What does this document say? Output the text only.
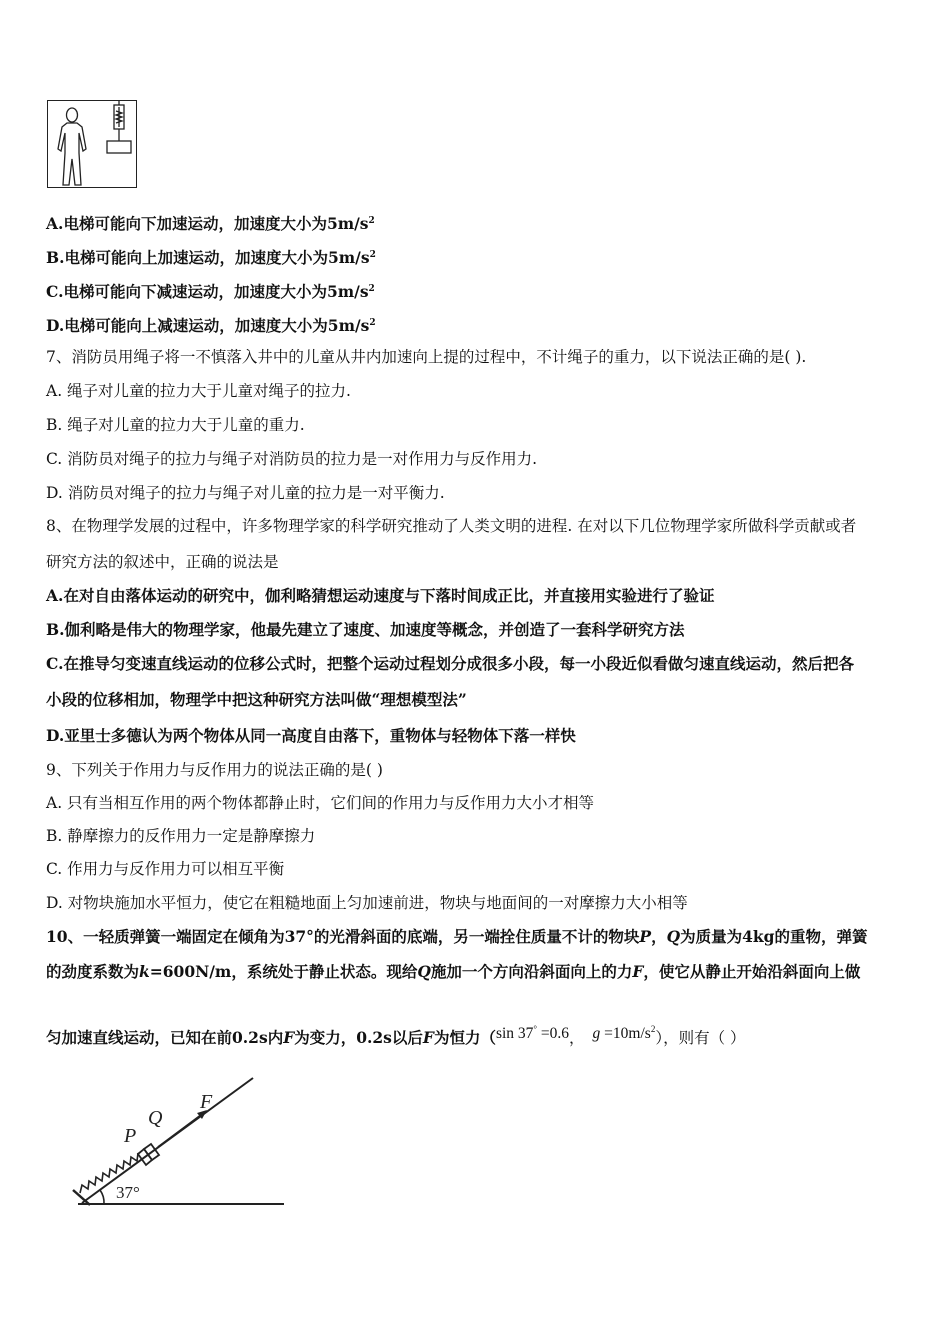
A.电梯可能向下加速运动，加速度大小为$5m/s^2$
B.电梯可能向上加速运动，加速度大小为$5m/s^2$
C.电梯可能向下减速运动，加速度大小为$5m/s^2$
D.电梯可能向上减速运动，加速度大小为$5m/s^2$
7、消防员用绳子将一不慎落入井中的儿童从井内加速向上提的过程中，不计绳子的重力，以下说法正确的是( ).
A. 绳子对儿童的拉力大于儿童对绳子的拉力.
B. 绳子对儿童的拉力大于儿童的重力.
C. 消防员对绳子的拉力与绳子对消防员的拉力是一对作用力与反作用力.
D. 消防员对绳子的拉力与绳子对儿童的拉力是一对平衡力.
8、在物理学发展的过程中，许多物理学家的科学研究推动了人类文明的进程. 在对以下几位物理学家所做科学贡献或者
研究方法的叙述中，正确的说法是
A.在对自由落体运动的研究中，伽利略猜想运动速度与下落时间成正比，并直接用实验进行了验证
B.伽利略是伟大的物理学家，他最先建立了速度、加速度等概念，并创造了一套科学研究方法
C.在推导匀变速直线运动的位移公式时，把整个运动过程划分成很多小段，每一小段近似看做匀速直线运动，然后把各
小段的位移相加，物理学中把这种研究方法叫做“理想模型法”
D.亚里士多德认为两个物体从同一高度自由落下，重物体与轻物体下落一样快
9、下列关于作用力与反作用力的说法正确的是( )
A. 只有当相互作用的两个物体都静止时，它们间的作用力与反作用力大小才相等
B. 静摩擦力的反作用力一定是静摩擦力
C. 作用力与反作用力可以相互平衡
D. 对物块施加水平恒力，使它在粗糙地面上匀加速前进，物块与地面间的一对摩擦力大小相等
10、一轻质弹簧一端固定在倾角为37°的光滑斜面的底端，另一端拴住质量不计的物块P，Q为质量为4kg的重物，弹簧
的劲度系数为k=600N/m，系统处于静止状态。现给Q施加一个方向沿斜面向上的力F，使它从静止开始沿斜面向上做
匀加速直线运动，已知在前0.2s内F为变力，0.2s以后F为恒力（sin 37° =0.6， $g =10m/s^2$），则有（ ）
P
Q
F
37°
